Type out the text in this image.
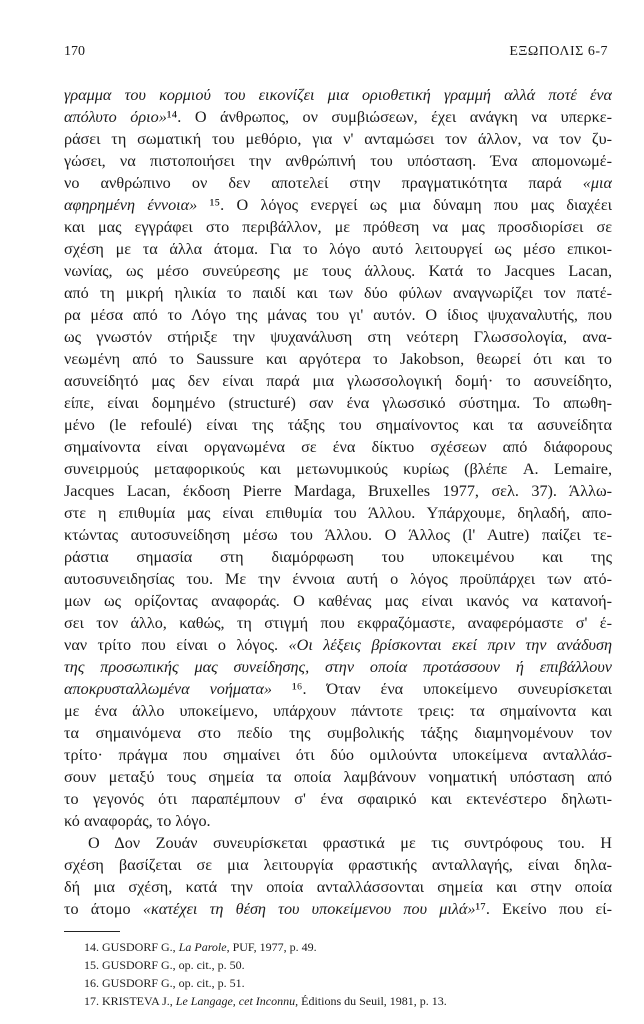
170	ΕΞΩΠΟΛΙΣ 6-7
γραμμα του κορμιού του εικονίζει μια οριοθετική γραμμή αλλά ποτέ ένα
απόλυτο όριο»¹⁴. Ο άνθρωπος, ον συμβιώσεων, έχει ανάγκη να υπερκε-
ράσει τη σωματική του μεθόριο, για ν' ανταμώσει τον άλλον, να τον ζυ-
γώσει, να πιστοποιήσει την ανθρώπινή του υπόσταση. Ένα απομονωμέ-
νο ανθρώπινο ον δεν αποτελεί στην πραγματικότητα παρά «μια
αφηρημένη έννοια» ¹⁵. Ο λόγος ενεργεί ως μια δύναμη που μας διαχέει
και μας εγγράφει στο περιβάλλον, με πρόθεση να μας προσδιορίσει σε
σχέση με τα άλλα άτομα. Για το λόγο αυτό λειτουργεί ως μέσο επικοι-
νωνίας, ως μέσο συνεύρεσης με τους άλλους. Κατά το Jacques Lacan,
από τη μικρή ηλικία το παιδί και των δύο φύλων αναγνωρίζει τον πατέ-
ρα μέσα από το Λόγο της μάνας του γι' αυτόν. Ο ίδιος ψυχαναλυτής, που
ως γνωστόν στήριξε την ψυχανάλυση στη νεότερη Γλωσσολογία, ανα-
νεωμένη από το Saussure και αργότερα το Jakobson, θεωρεί ότι και το
ασυνείδητό μας δεν είναι παρά μια γλωσσολογική δομή· το ασυνείδητο,
είπε, είναι δομημένο (structuré) σαν ένα γλωσσικό σύστημα. Το απωθη-
μένο (le refoulé) είναι της τάξης του σημαίνοντος και τα ασυνείδητα
σημαίνοντα είναι οργανωμένα σε ένα δίκτυο σχέσεων από διάφορους
συνειρμούς μεταφορικούς και μετωνυμικούς κυρίως (βλέπε A. Lemaire,
Jacques Lacan, έκδοση Pierre Mardaga, Bruxelles 1977, σελ. 37). Άλλω-
στε η επιθυμία μας είναι επιθυμία του Άλλου. Υπάρχουμε, δηλαδή, απο-
κτώντας αυτοσυνείδηση μέσω του Άλλου. Ο Άλλος (l' Autre) παίζει τε-
ράστια σημασία στη διαμόρφωση του υποκειμένου και της
αυτοσυνειδησίας του. Με την έννοια αυτή ο λόγος προϋπάρχει των ατό-
μων ως ορίζοντας αναφοράς. Ο καθένας μας είναι ικανός να κατανοή-
σει τον άλλο, καθώς, τη στιγμή που εκφραζόμαστε, αναφερόμαστε σ' έ-
ναν τρίτο που είναι ο λόγος. «Οι λέξεις βρίσκονται εκεί πριν την ανάδυση
της προσωπικής μας συνείδησης, στην οποία προτάσσουν ή επιβάλλουν
αποκρυσταλλωμένα νοήματα» ¹⁶. Όταν ένα υποκείμενο συνευρίσκεται
με ένα άλλο υποκείμενο, υπάρχουν πάντοτε τρεις: τα σημαίνοντα και
τα σημαινόμενα στο πεδίο της συμβολικής τάξης διαμηνομένουν τον
τρίτο· πράγμα που σημαίνει ότι δύο ομιλούντα υποκείμενα ανταλλάσ-
σουν μεταξύ τους σημεία τα οποία λαμβάνουν νοηματική υπόσταση από
το γεγονός ότι παραπέμπουν σ' ένα σφαιρικό και εκτενέστερο δηλωτι-
κό αναφοράς, το λόγο.
Ο Δον Ζουάν συνευρίσκεται φραστικά με τις συντρόφους του. Η
σχέση βασίζεται σε μια λειτουργία φραστικής ανταλλαγής, είναι δηλα-
δή μια σχέση, κατά την οποία ανταλλάσσονται σημεία και στην οποία
το άτομο «κατέχει τη θέση του υποκείμενου που μιλά»¹⁷. Εκείνο που εί-
14. GUSDORF G., La Parole, PUF, 1977, p. 49.
15. GUSDORF G., op. cit., p. 50.
16. GUSDORF G., op. cit., p. 51.
17. KRISTEVA J., Le Langage, cet Inconnu, Éditions du Seuil, 1981, p. 13.
